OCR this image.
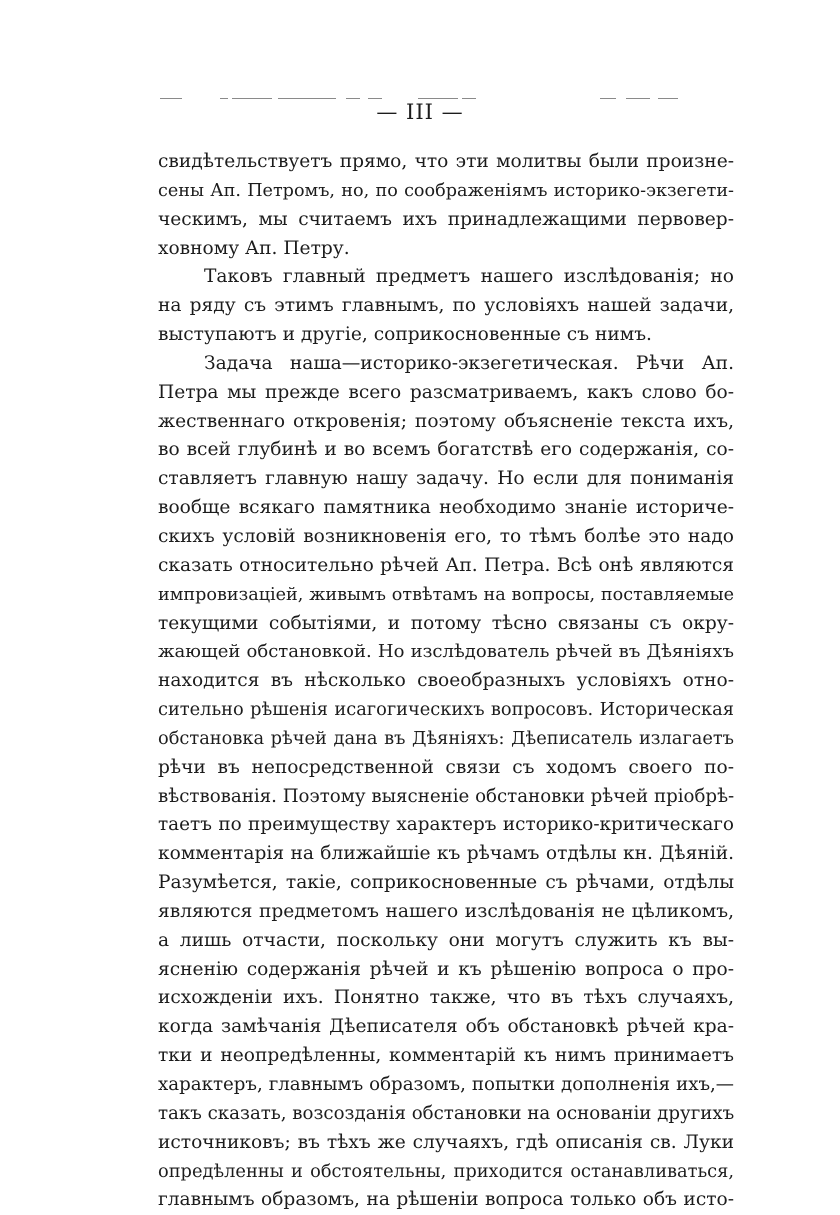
— III —
свидѣтельствуетъ прямо, что эти молитвы были произне-
сены Ап. Петромъ, но, по соображеніямъ историко-экзегети-
ческимъ, мы считаемъ ихъ принадлежащими первовер-
ховному Ап. Петру.
Таковъ главный предметъ нашего изслѣдованія; но
на ряду съ этимъ главнымъ, по условіяхъ нашей задачи,
выступаютъ и другіе, соприкосновенные съ нимъ.
Задача наша—историко-экзегетическая. Рѣчи Ап.
Петра мы прежде всего разсматриваемъ, какъ слово бо-
жественнаго откровенія; поэтому объясненіе текста ихъ,
во всей глубинѣ и во всемъ богатствѣ его содержанія, со-
ставляетъ главную нашу задачу. Но если для пониманія
вообще всякаго памятника необходимо знаніе историче-
скихъ условій возникновенія его, то тѣмъ болѣе это надо
сказать относительно рѣчей Ап. Петра. Всѣ онѣ являются
импровизаціей, живымъ отвѣтамъ на вопросы, поставляемые
текущими событіями, и потому тѣсно связаны съ окру-
жающей обстановкой. Но изслѣдователь рѣчей въ Дѣяніяхъ
находится въ нѣсколько своеобразныхъ условіяхъ отно-
сительно рѣшенія исагогическихъ вопросовъ. Историческая
обстановка рѣчей дана въ Дѣяніяхъ: Дѣеписатель излагаетъ
рѣчи въ непосредственной связи съ ходомъ своего по-
вѣствованія. Поэтому выясненіе обстановки рѣчей пріобрѣ-
таетъ по преимуществу характеръ историко-критическаго
комментарія на ближайшіе къ рѣчамъ отдѣлы кн. Дѣяній.
Разумѣется, такіе, соприкосновенные съ рѣчами, отдѣлы
являются предметомъ нашего изслѣдованія не цѣликомъ,
а лишь отчасти, поскольку они могутъ служить къ вы-
ясненію содержанія рѣчей и къ рѣшенію вопроса о про-
исхожденіи ихъ. Понятно также, что въ тѣхъ случаяхъ,
когда замѣчанія Дѣеписателя объ обстановкѣ рѣчей кра-
тки и неопредѣленны, комментарій къ нимъ принимаетъ
характеръ, главнымъ образомъ, попытки дополненія ихъ,—
такъ сказать, возсозданія обстановки на основаніи другихъ
источниковъ; въ тѣхъ же случаяхъ, гдѣ описанія св. Луки
опредѣленны и обстоятельны, приходится останавливаться,
главнымъ образомъ, на рѣшеніи вопроса только объ исто-
